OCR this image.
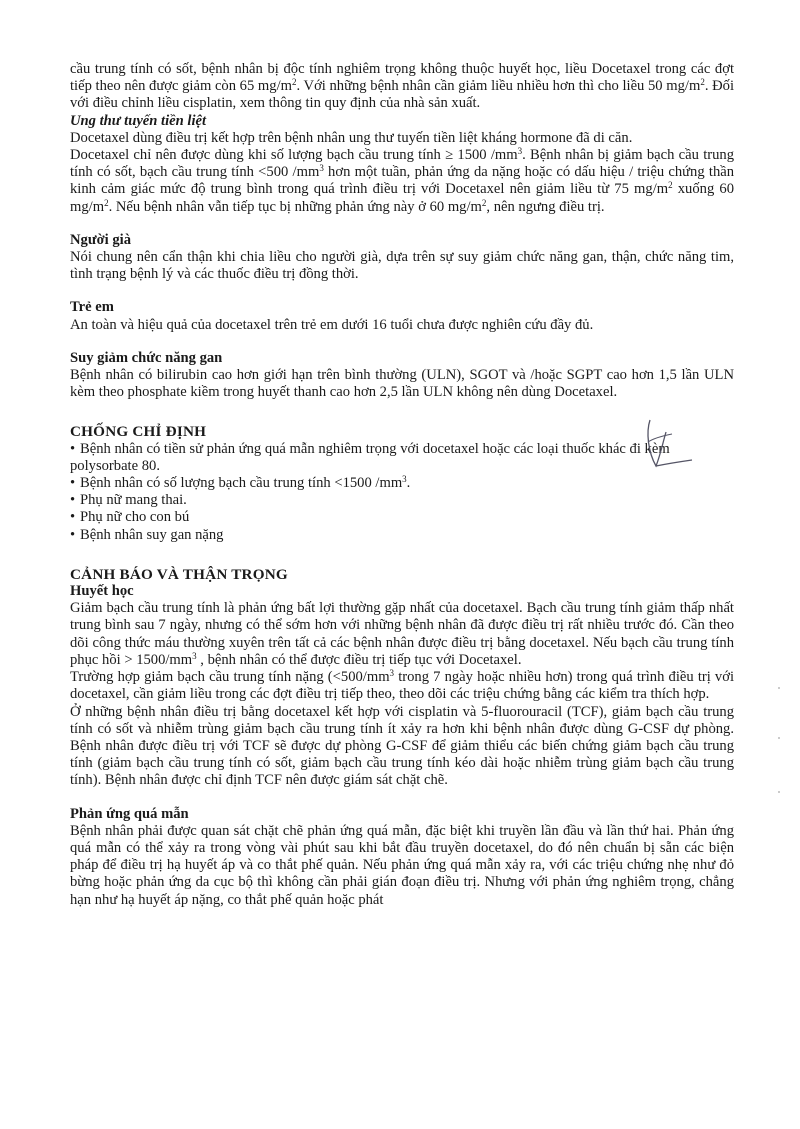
cầu trung tính có sốt, bệnh nhân bị độc tính nghiêm trọng không thuộc huyết học, liều Docetaxel trong các đợt tiếp theo nên được giảm còn 65 $mg/m^2$. Với những bệnh nhân cần giảm liều nhiều hơn thì cho liều 50 $mg/m^2$. Đối với điều chỉnh liều cisplatin, xem thông tin quy định của nhà sản xuất.

Ung thư tuyến tiền liệt

Docetaxel dùng điều trị kết hợp trên bệnh nhân ung thư tuyến tiền liệt kháng hormone đã di căn.

Docetaxel chỉ nên được dùng khi số lượng bạch cầu trung tính ≥ 1500 $/mm^3$. Bệnh nhân bị giảm bạch cầu trung tính có sốt, bạch cầu trung tính <500 $/mm^3$ hơn một tuần, phản ứng da nặng hoặc có dấu hiệu / triệu chứng thần kinh cảm giác mức độ trung bình trong quá trình điều trị với Docetaxel nên giảm liều từ 75 $mg/m^2$ xuống 60 $mg/m^2$. Nếu bệnh nhân vẫn tiếp tục bị những phản ứng này ở 60 $mg/m^2$, nên ngưng điều trị.

Người già

Nói chung nên cẩn thận khi chia liều cho người già, dựa trên sự suy giảm chức năng gan, thận, chức năng tim, tình trạng bệnh lý và các thuốc điều trị đồng thời.

Trẻ em

An toàn và hiệu quả của docetaxel trên trẻ em dưới 16 tuổi chưa được nghiên cứu đầy đủ.

Suy giảm chức năng gan

Bệnh nhân có bilirubin cao hơn giới hạn trên bình thường (ULN), SGOT và /hoặc SGPT cao hơn 1,5 lần ULN kèm theo phosphate kiềm trong huyết thanh cao hơn 2,5 lần ULN không nên dùng Docetaxel.

CHỐNG CHỈ ĐỊNH

• Bệnh nhân có tiền sử phản ứng quá mẫn nghiêm trọng với docetaxel hoặc các loại thuốc khác đi kèm polysorbate 80.
• Bệnh nhân có số lượng bạch cầu trung tính <1500 $/mm^3$.
• Phụ nữ mang thai.
• Phụ nữ cho con bú
• Bệnh nhân suy gan nặng

CẢNH BÁO VÀ THẬN TRỌNG

Huyết học

Giảm bạch cầu trung tính là phản ứng bất lợi thường gặp nhất của docetaxel. Bạch cầu trung tính giảm thấp nhất trung bình sau 7 ngày, nhưng có thể sớm hơn với những bệnh nhân đã được điều trị rất nhiều trước đó. Cần theo dõi công thức máu thường xuyên trên tất cả các bệnh nhân được điều trị bằng docetaxel. Nếu bạch cầu trung tính phục hồi > $1500/mm^3$ , bệnh nhân có thể được điều trị tiếp tục với Docetaxel.

Trường hợp giảm bạch cầu trung tính nặng ($<500/mm^3$ trong 7 ngày hoặc nhiều hơn) trong quá trình điều trị với docetaxel, cần giảm liều trong các đợt điều trị tiếp theo, theo dõi các triệu chứng bằng các kiểm tra thích hợp.

Ở những bệnh nhân điều trị bằng docetaxel kết hợp với cisplatin và 5-fluorouracil (TCF), giảm bạch cầu trung tính có sốt và nhiễm trùng giảm bạch cầu trung tính ít xảy ra hơn khi bệnh nhân được dùng G-CSF dự phòng. Bệnh nhân được điều trị với TCF sẽ được dự phòng G-CSF để giảm thiểu các biến chứng giảm bạch cầu trung tính (giảm bạch cầu trung tính có sốt, giảm bạch cầu trung tính kéo dài hoặc nhiễm trùng giảm bạch cầu trung tính). Bệnh nhân được chỉ định TCF nên được giám sát chặt chẽ.

Phản ứng quá mẫn

Bệnh nhân phải được quan sát chặt chẽ phản ứng quá mẫn, đặc biệt khi truyền lần đầu và lần thứ hai. Phản ứng quá mẫn có thể xảy ra trong vòng vài phút sau khi bắt đầu truyền docetaxel, do đó nên chuẩn bị sẵn các biện pháp để điều trị hạ huyết áp và co thắt phế quản. Nếu phản ứng quá mẫn xảy ra, với các triệu chứng nhẹ như đỏ bừng hoặc phản ứng da cục bộ thì không cần phải gián đoạn điều trị. Nhưng với phản ứng nghiêm trọng, chẳng hạn như hạ huyết áp nặng, co thắt phế quản hoặc phát
